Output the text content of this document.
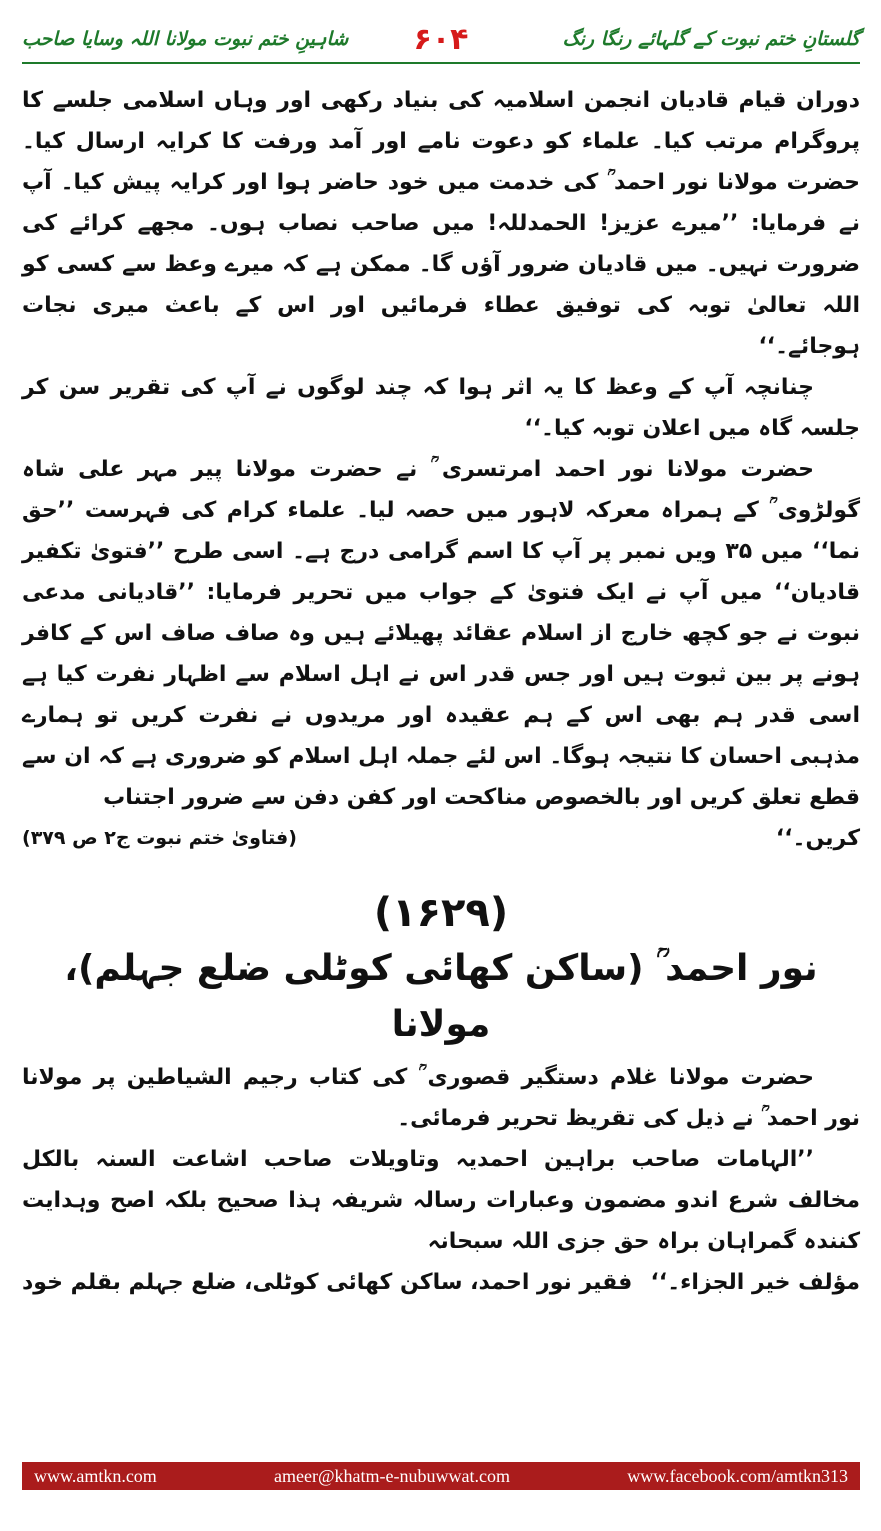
گلستانِ ختم نبوت کے گلہائے رنگا رنگ
۶۰۴
شاہینِ ختم نبوت مولانا اللہ وسایا صاحب

دوران قیام قادیان انجمن اسلامیہ کی بنیاد رکھی اور وہاں اسلامی جلسے کا پروگرام مرتب کیا۔ علماء کو دعوت نامے اور آمد ورفت کا کرایہ ارسال کیا۔ حضرت مولانا نور احمد ؒ کی خدمت میں خود حاضر ہوا اور کرایہ پیش کیا۔ آپ نے فرمایا: ’’میرے عزیز! الحمدللہ! میں صاحب نصاب ہوں۔ مجھے کرائے کی ضرورت نہیں۔ میں قادیان ضرور آؤں گا۔ ممکن ہے کہ میرے وعظ سے کسی کو اللہ تعالیٰ توبہ کی توفیق عطاء فرمائیں اور اس کے باعث میری نجات ہوجائے۔‘‘

چنانچہ آپ کے وعظ کا یہ اثر ہوا کہ چند لوگوں نے آپ کی تقریر سن کر جلسہ گاہ میں اعلان توبہ کیا۔‘‘

حضرت مولانا نور احمد امرتسری ؒ نے حضرت مولانا پیر مہر علی شاہ گولڑوی ؒ کے ہمراہ معرکہ لاہور میں حصہ لیا۔ علماء کرام کی فہرست ’’حق نما‘‘ میں ۳۵ ویں نمبر پر آپ کا اسم گرامی درج ہے۔ اسی طرح ’’فتویٰ تکفیر قادیان‘‘ میں آپ نے ایک فتویٰ کے جواب میں تحریر فرمایا: ’’قادیانی مدعی نبوت نے جو کچھ خارج از اسلام عقائد پھیلائے ہیں وہ صاف صاف اس کے کافر ہونے پر بین ثبوت ہیں اور جس قدر اس نے اہل اسلام سے اظہار نفرت کیا ہے اسی قدر ہم بھی اس کے ہم عقیدہ اور مریدوں نے نفرت کریں تو ہمارے مذہبی احسان کا نتیجہ ہوگا۔ اس لئے جملہ اہل اسلام کو ضروری ہے کہ ان سے قطع تعلق کریں اور بالخصوص مناکحت اور کفن دفن سے ضرور اجتناب

کریں۔‘‘
(فتاویٰ ختم نبوت ج۲ ص ۳۷۹)
(۱۶۲۹)
نور احمد ؒ (ساکن کھائی کوٹلی ضلع جہلم)، مولانا

حضرت مولانا غلام دستگیر قصوری ؒ کی کتاب رجیم الشیاطین پر مولانا نور احمد ؒ نے ذیل کی تقریظ تحریر فرمائی۔

’’الہامات صاحب براہین احمدیہ وتاویلات صاحب اشاعت السنہ بالکل مخالف شرع اندو مضمون وعبارات رسالہ شریفہ ہذا صحیح بلکہ اصح وہدایت کنندہ گمراہان براہ حق جزی اللہ سبحانہ

مؤلف خیر الجزاء۔‘‘
فقیر نور احمد، ساکن کھائی کوٹلی، ضلع جہلم بقلم خود
www.amtkn.com	ameer@khatm-e-nubuwwat.com	www.facebook.com/amtkn313
